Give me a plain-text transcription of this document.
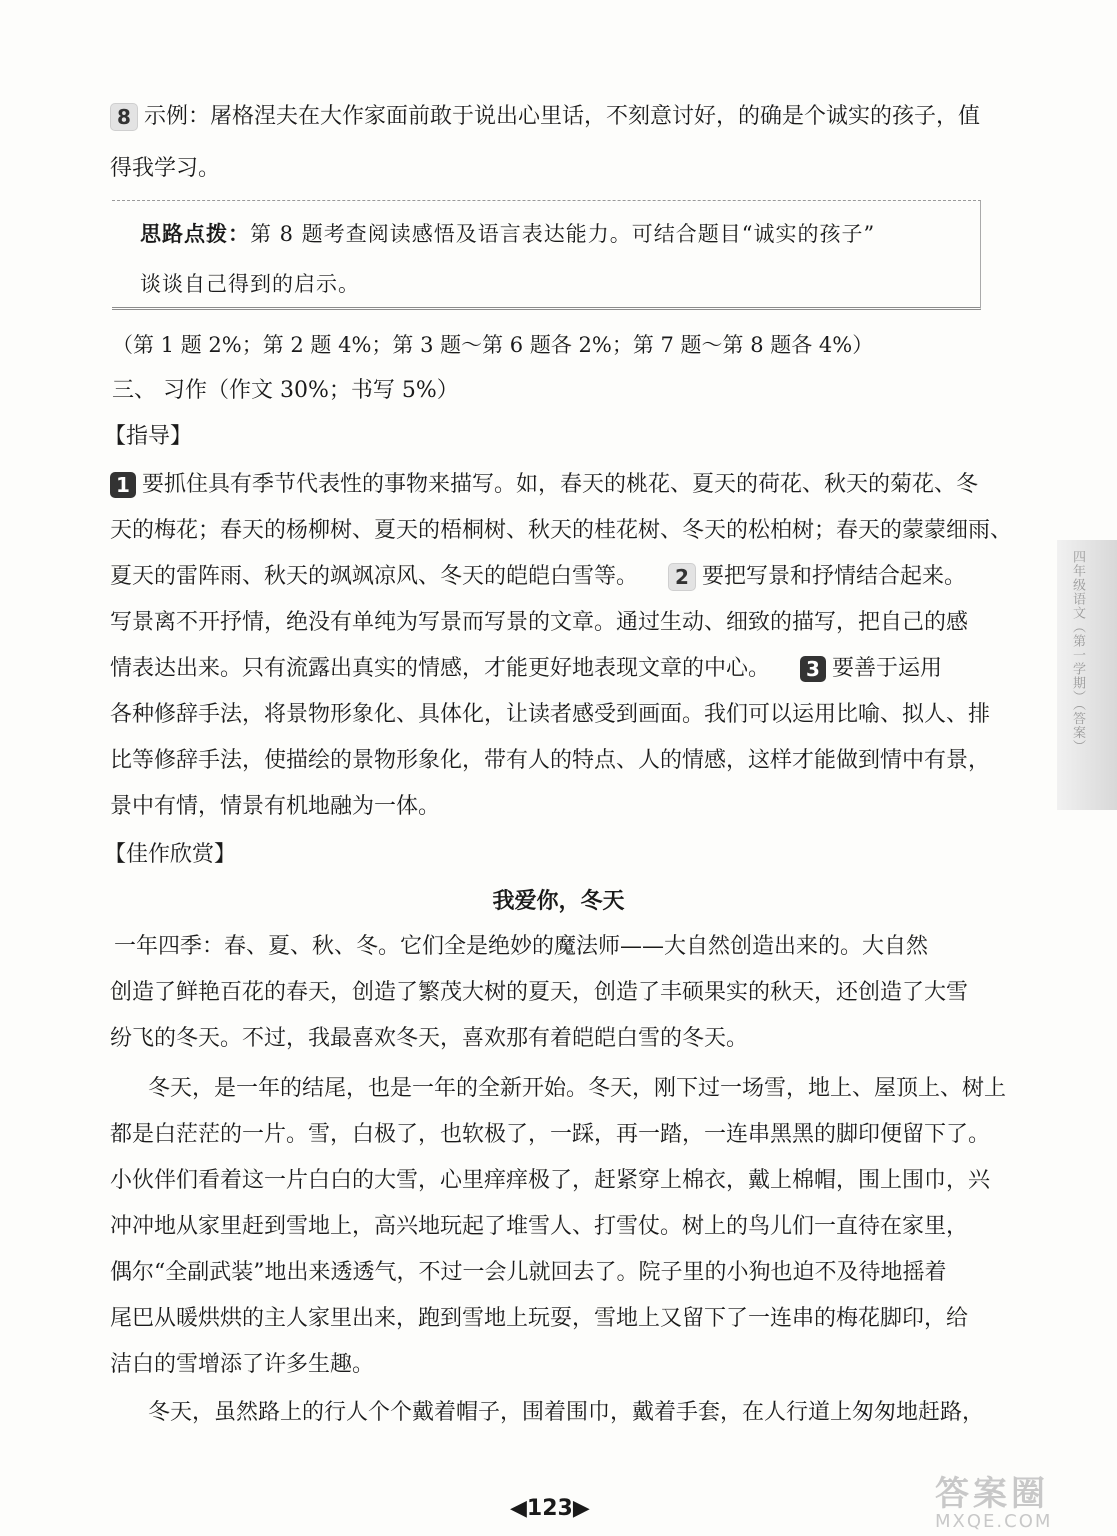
8 示例：屠格涅夫在大作家面前敢于说出心里话，不刻意讨好，的确是个诚实的孩子，值
得我学习。
思路点拨：第 8 题考查阅读感悟及语言表达能力。可结合题目“诚实的孩子”
谈谈自己得到的启示。
（第 1 题 2%；第 2 题 4%；第 3 题～第 6 题各 2%；第 7 题～第 8 题各 4%）
三、 习作（作文 30%；书写 5%）
【指导】
1 要抓住具有季节代表性的事物来描写。如，春天的桃花、夏天的荷花、秋天的菊花、冬
天的梅花；春天的杨柳树、夏天的梧桐树、秋天的桂花树、冬天的松柏树；春天的蒙蒙细雨、
夏天的雷阵雨、秋天的飒飒凉风、冬天的皑皑白雪等。 2 要把写景和抒情结合起来。
写景离不开抒情，绝没有单纯为写景而写景的文章。通过生动、细致的描写，把自己的感
情表达出来。只有流露出真实的情感，才能更好地表现文章的中心。 3 要善于运用
各种修辞手法，将景物形象化、具体化，让读者感受到画面。我们可以运用比喻、拟人、排
比等修辞手法，使描绘的景物形象化，带有人的特点、人的情感，这样才能做到情中有景，
景中有情，情景有机地融为一体。
【佳作欣赏】
我爱你，冬天
一年四季：春、夏、秋、冬。它们全是绝妙的魔法师——大自然创造出来的。大自然
创造了鲜艳百花的春天，创造了繁茂大树的夏天，创造了丰硕果实的秋天，还创造了大雪
纷飞的冬天。不过，我最喜欢冬天，喜欢那有着皑皑白雪的冬天。
冬天，是一年的结尾，也是一年的全新开始。冬天，刚下过一场雪，地上、屋顶上、树上
都是白茫茫的一片。雪，白极了，也软极了，一踩，再一踏，一连串黑黑的脚印便留下了。
小伙伴们看着这一片白白的大雪，心里痒痒极了，赶紧穿上棉衣，戴上棉帽，围上围巾，兴
冲冲地从家里赶到雪地上，高兴地玩起了堆雪人、打雪仗。树上的鸟儿们一直待在家里，
偶尔“全副武装”地出来透透气，不过一会儿就回去了。院子里的小狗也迫不及待地摇着
尾巴从暖烘烘的主人家里出来，跑到雪地上玩耍，雪地上又留下了一连串的梅花脚印，给
洁白的雪增添了许多生趣。
冬天，虽然路上的行人个个戴着帽子，围着围巾，戴着手套，在人行道上匆匆地赶路，
◀123▶
四年级语文（第一学期）（答案）
答案圈
MXQE.COM
